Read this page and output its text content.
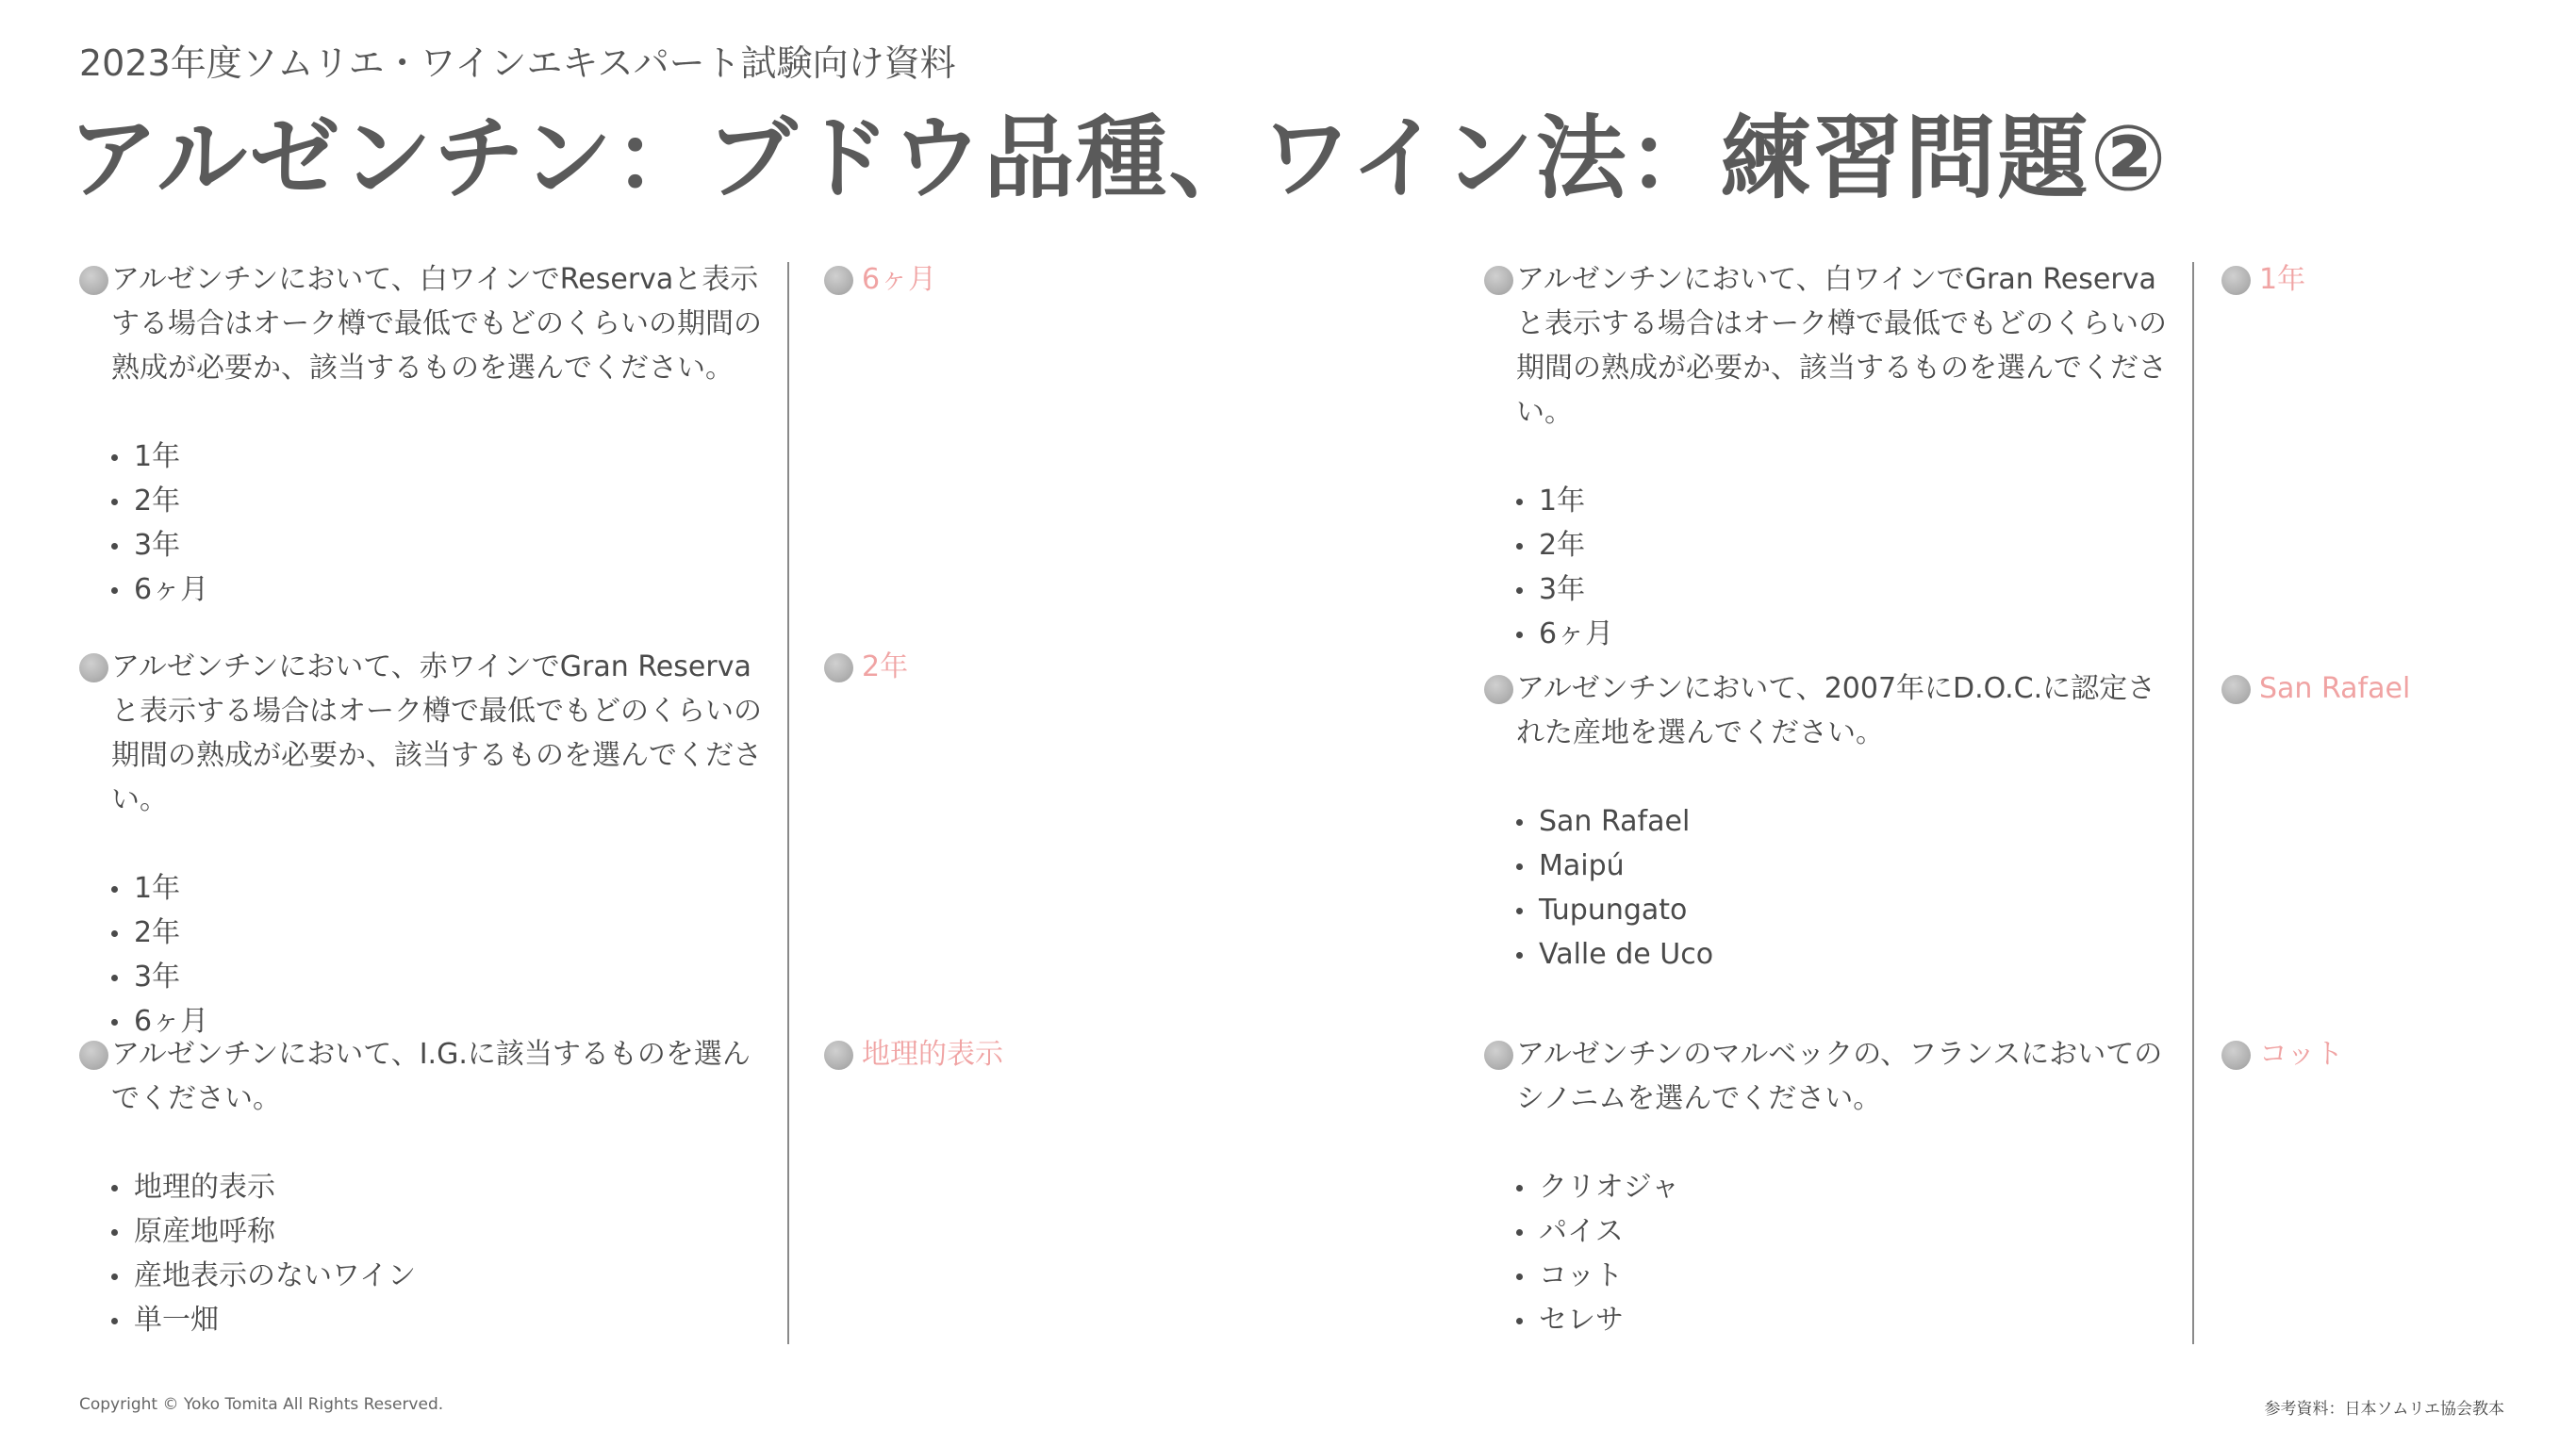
2023年度ソムリエ・ワインエキスパート試験向け資料
アルゼンチン：ブドウ品種、ワイン法：練習問題②
アルゼンチンにおいて、白ワインでReservaと表示する場合はオーク樽で最低でもどのくらいの期間の熟成が必要か、該当するものを選んでください。
1年
2年
3年
6ヶ月
6ヶ月
アルゼンチンにおいて、赤ワインでGran Reservaと表示する場合はオーク樽で最低でもどのくらいの期間の熟成が必要か、該当するものを選んでください。
1年
2年
3年
6ヶ月
2年
アルゼンチンにおいて、I.G.に該当するものを選んでください。
地理的表示
原産地呼称
産地表示のないワイン
単一畑
地理的表示
アルゼンチンにおいて、白ワインでGran Reservaと表示する場合はオーク樽で最低でもどのくらいの期間の熟成が必要か、該当するものを選んでください。
1年
2年
3年
6ヶ月
1年
アルゼンチンにおいて、2007年にD.O.C.に認定された産地を選んでください。
San Rafael
Maipú
Tupungato
Valle de Uco
San Rafael
アルゼンチンのマルベックの、フランスにおいてのシノニムを選んでください。
クリオジャ
パイス
コット
セレサ
コット
Copyright © Yoko Tomita All Rights Reserved.	参考資料：日本ソムリエ協会教本
